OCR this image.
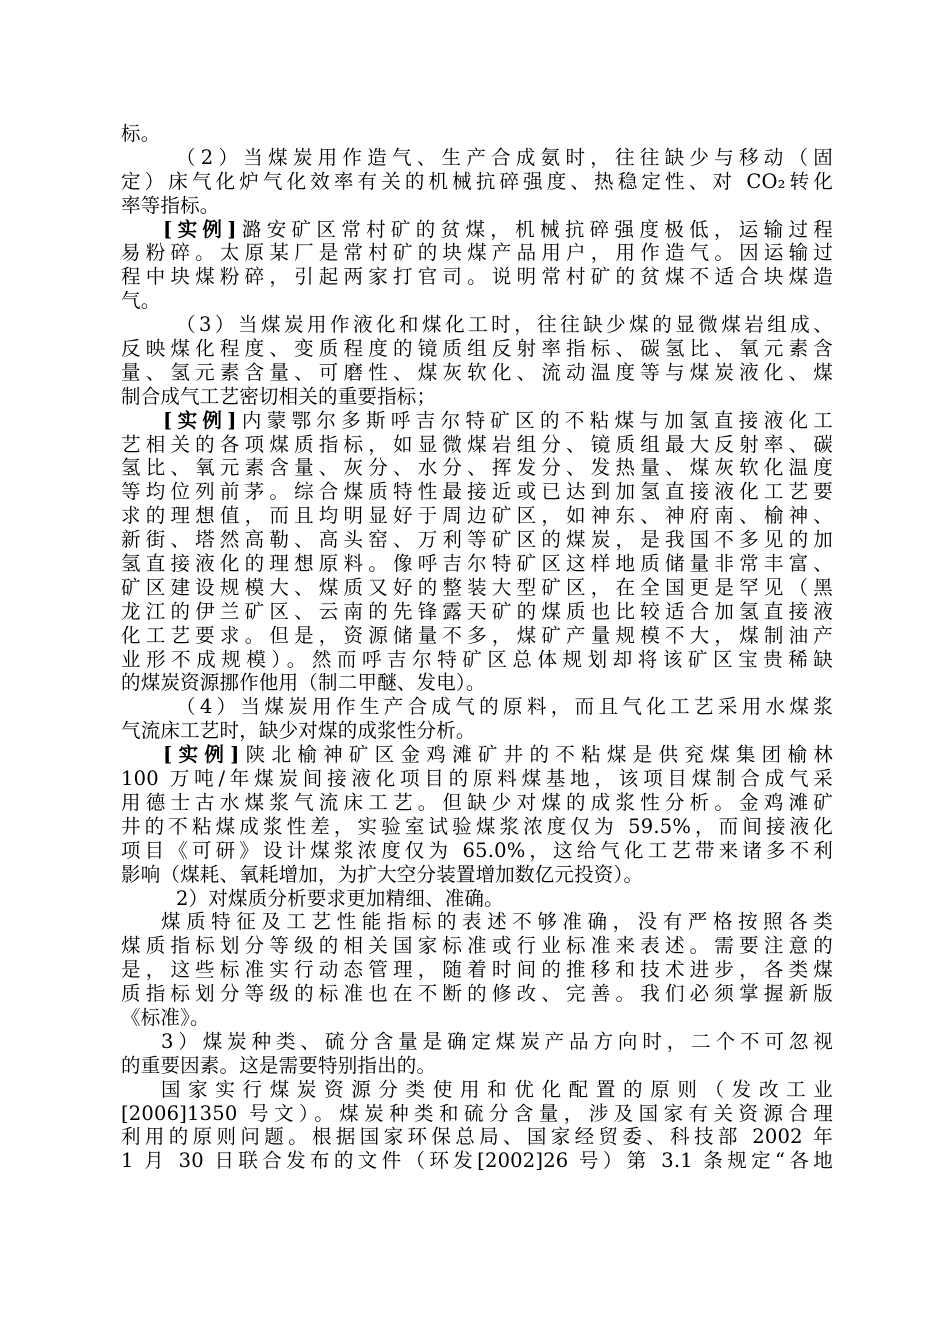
标。
（2）当煤炭用作造气、生产合成氨时，往往缺少与移动（固
定）床气化炉气化效率有关的机械抗碎强度、热稳定性、对 CO₂转化
率等指标。
[实例]潞安矿区常村矿的贫煤，机械抗碎强度极低，运输过程
易粉碎。太原某厂是常村矿的块煤产品用户，用作造气。因运输过
程中块煤粉碎，引起两家打官司。说明常村矿的贫煤不适合块煤造
气。
（3）当煤炭用作液化和煤化工时，往往缺少煤的显微煤岩组成、
反映煤化程度、变质程度的镜质组反射率指标、碳氢比、氧元素含
量、氢元素含量、可磨性、煤灰软化、流动温度等与煤炭液化、煤
制合成气工艺密切相关的重要指标；
[实例]内蒙鄂尔多斯呼吉尔特矿区的不粘煤与加氢直接液化工
艺相关的各项煤质指标，如显微煤岩组分、镜质组最大反射率、碳
氢比、氧元素含量、灰分、水分、挥发分、发热量、煤灰软化温度
等均位列前茅。综合煤质特性最接近或已达到加氢直接液化工艺要
求的理想值，而且均明显好于周边矿区，如神东、神府南、榆神、
新街、塔然高勒、高头窑、万利等矿区的煤炭，是我国不多见的加
氢直接液化的理想原料。像呼吉尔特矿区这样地质储量非常丰富、
矿区建设规模大、煤质又好的整装大型矿区，在全国更是罕见（黑
龙江的伊兰矿区、云南的先锋露天矿的煤质也比较适合加氢直接液
化工艺要求。但是，资源储量不多，煤矿产量规模不大，煤制油产
业形不成规模）。然而呼吉尔特矿区总体规划却将该矿区宝贵稀缺
的煤炭资源挪作他用（制二甲醚、发电）。
（4）当煤炭用作生产合成气的原料，而且气化工艺采用水煤浆
气流床工艺时，缺少对煤的成浆性分析。
[实例]陕北榆神矿区金鸡滩矿井的不粘煤是供兖煤集团榆林
100 万吨/年煤炭间接液化项目的原料煤基地，该项目煤制合成气采
用德士古水煤浆气流床工艺。但缺少对煤的成浆性分析。金鸡滩矿
井的不粘煤成浆性差，实验室试验煤浆浓度仅为 59.5%，而间接液化
项目《可研》设计煤浆浓度仅为 65.0%，这给气化工艺带来诸多不利
影响（煤耗、氧耗增加，为扩大空分装置增加数亿元投资）。
2）对煤质分析要求更加精细、准确。
煤质特征及工艺性能指标的表述不够准确，没有严格按照各类
煤质指标划分等级的相关国家标准或行业标准来表述。需要注意的
是，这些标准实行动态管理，随着时间的推移和技术进步，各类煤
质指标划分等级的标准也在不断的修改、完善。我们必须掌握新版
《标准》。
3）煤炭种类、硫分含量是确定煤炭产品方向时，二个不可忽视
的重要因素。这是需要特别指出的。
国家实行煤炭资源分类使用和优化配置的原则（发改工业
[2006]1350 号文）。煤炭种类和硫分含量，涉及国家有关资源合理
利用的原则问题。根据国家环保总局、国家经贸委、科技部 2002 年
1 月 30 日联合发布的文件（环发[2002]26 号）第 3.1 条规定“各地
